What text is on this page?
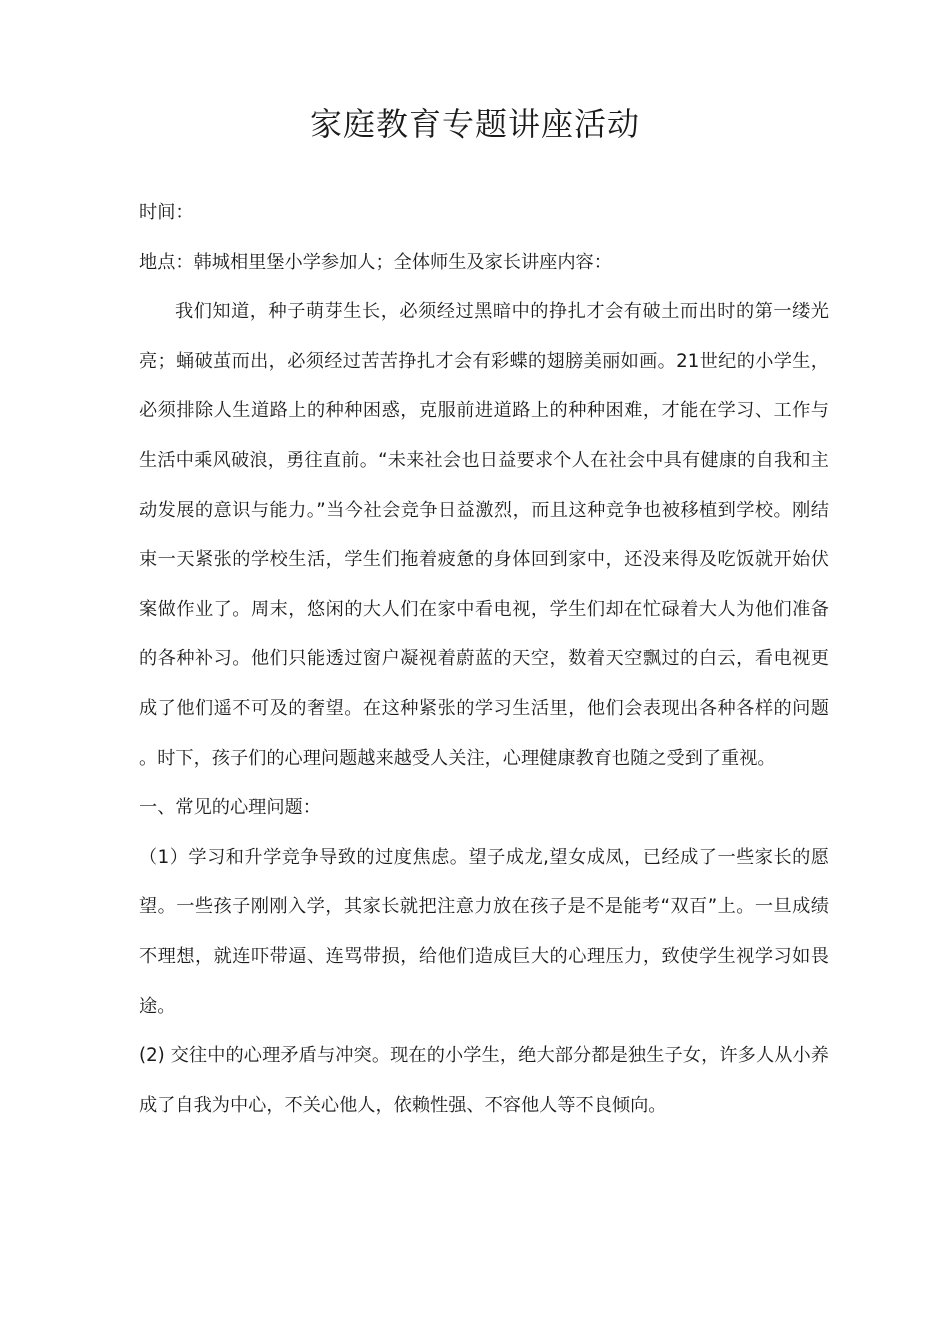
家庭教育专题讲座活动

时间：

地点：韩城相里堡小学参加人；全体师生及家长讲座内容：

我们知道，种子萌芽生长，必须经过黑暗中的挣扎才会有破土而出时的第一缕光亮；蛹破茧而出，必须经过苦苦挣扎才会有彩蝶的翅膀美丽如画。21世纪的小学生，必须排除人生道路上的种种困惑，克服前进道路上的种种困难，才能在学习、工作与生活中乘风破浪，勇往直前。“未来社会也日益要求个人在社会中具有健康的自我和主动发展的意识与能力。”当今社会竞争日益激烈，而且这种竞争也被移植到学校。刚结束一天紧张的学校生活，学生们拖着疲惫的身体回到家中，还没来得及吃饭就开始伏案做作业了。周末，悠闲的大人们在家中看电视，学生们却在忙碌着大人为他们准备的各种补习。他们只能透过窗户凝视着蔚蓝的天空，数着天空飘过的白云，看电视更成了他们遥不可及的奢望。在这种紧张的学习生活里，他们会表现出各种各样的问题。时下，孩子们的心理问题越来越受人关注，心理健康教育也随之受到了重视。

一、常见的心理问题：

（1）学习和升学竞争导致的过度焦虑。望子成龙,望女成凤，已经成了一些家长的愿望。一些孩子刚刚入学，其家长就把注意力放在孩子是不是能考“双百”上。一旦成绩不理想，就连吓带逼、连骂带损，给他们造成巨大的心理压力，致使学生视学习如畏途。

(2) 交往中的心理矛盾与冲突。现在的小学生，绝大部分都是独生子女，许多人从小养成了自我为中心，不关心他人，依赖性强、不容他人等不良倾向。
